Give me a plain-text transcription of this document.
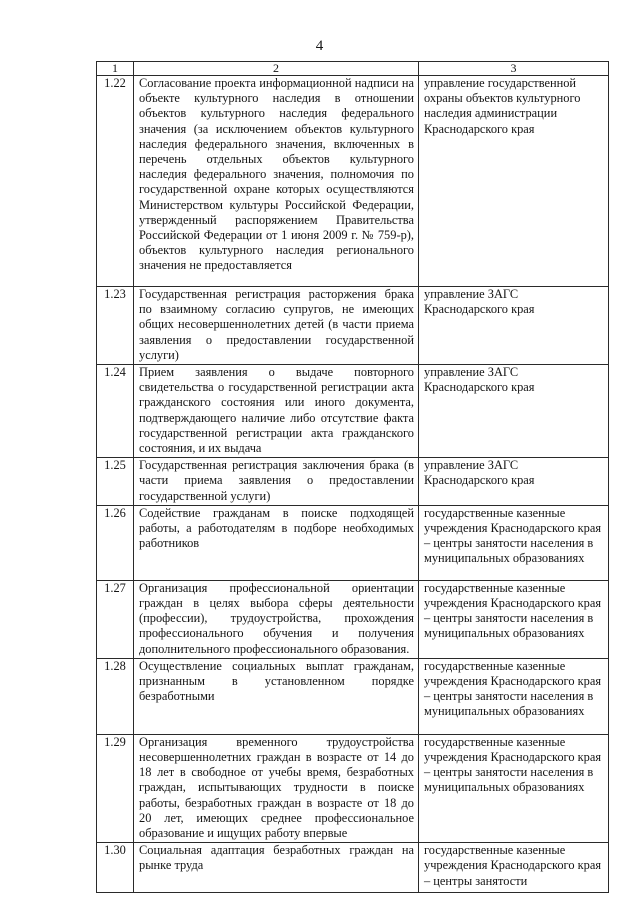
4
1	2	3
1.22	Согласование проекта информационной надписи на объекте культурного наследия в отношении объектов культурного наследия федерального значения (за исключением объектов культурного наследия федерального значения, включенных в перечень отдельных объектов культурного наследия федерального значения, полномочия по государственной охране которых осуществляются Министерством культуры Российской Федерации, утвержденный распоряжением Правительства Российской Федерации от 1 июня 2009 г. № 759-р), объектов культурного наследия регионального значения не предоставляется	управление государственной охраны объектов культурного наследия администрации Краснодарского края
1.23	Государственная регистрация расторжения брака по взаимному согласию супругов, не имеющих общих несовершеннолетних детей (в части приема заявления о предоставлении государственной услуги)	управление ЗАГС Краснодарского края
1.24	Прием заявления о выдаче повторного свидетельства о государственной регистрации акта гражданского состояния или иного документа, подтверждающего наличие либо отсутствие факта государственной регистрации акта гражданского состояния, и их выдача	управление ЗАГС Краснодарского края
1.25	Государственная регистрация заключения брака (в части приема заявления о предоставлении государственной услуги)	управление ЗАГС Краснодарского края
1.26	Содействие гражданам в поиске подходящей работы, а работодателям в подборе необходимых работников	государственные казенные учреждения Краснодарского края – центры занятости населения в муниципальных образованиях
1.27	Организация профессиональной ориентации граждан в целях выбора сферы деятельности (профессии), трудоустройства, прохождения профессионального обучения и получения дополнительного профессионального образования.	государственные казенные учреждения Краснодарского края – центры занятости населения в муниципальных образованиях
1.28	Осуществление социальных выплат гражданам, признанным в установленном порядке безработными	государственные казенные учреждения Краснодарского края – центры занятости населения в муниципальных образованиях
1.29	Организация временного трудоустройства несовершеннолетних граждан в возрасте от 14 до 18 лет в свободное от учебы время, безработных граждан, испытывающих трудности в поиске работы, безработных граждан в возрасте от 18 до 20 лет, имеющих среднее профессиональное образование и ищущих работу впервые	государственные казенные учреждения Краснодарского края – центры занятости населения в муниципальных образованиях
1.30	Социальная адаптация безработных граждан на рынке труда	государственные казенные учреждения Краснодарского края – центры занятости
